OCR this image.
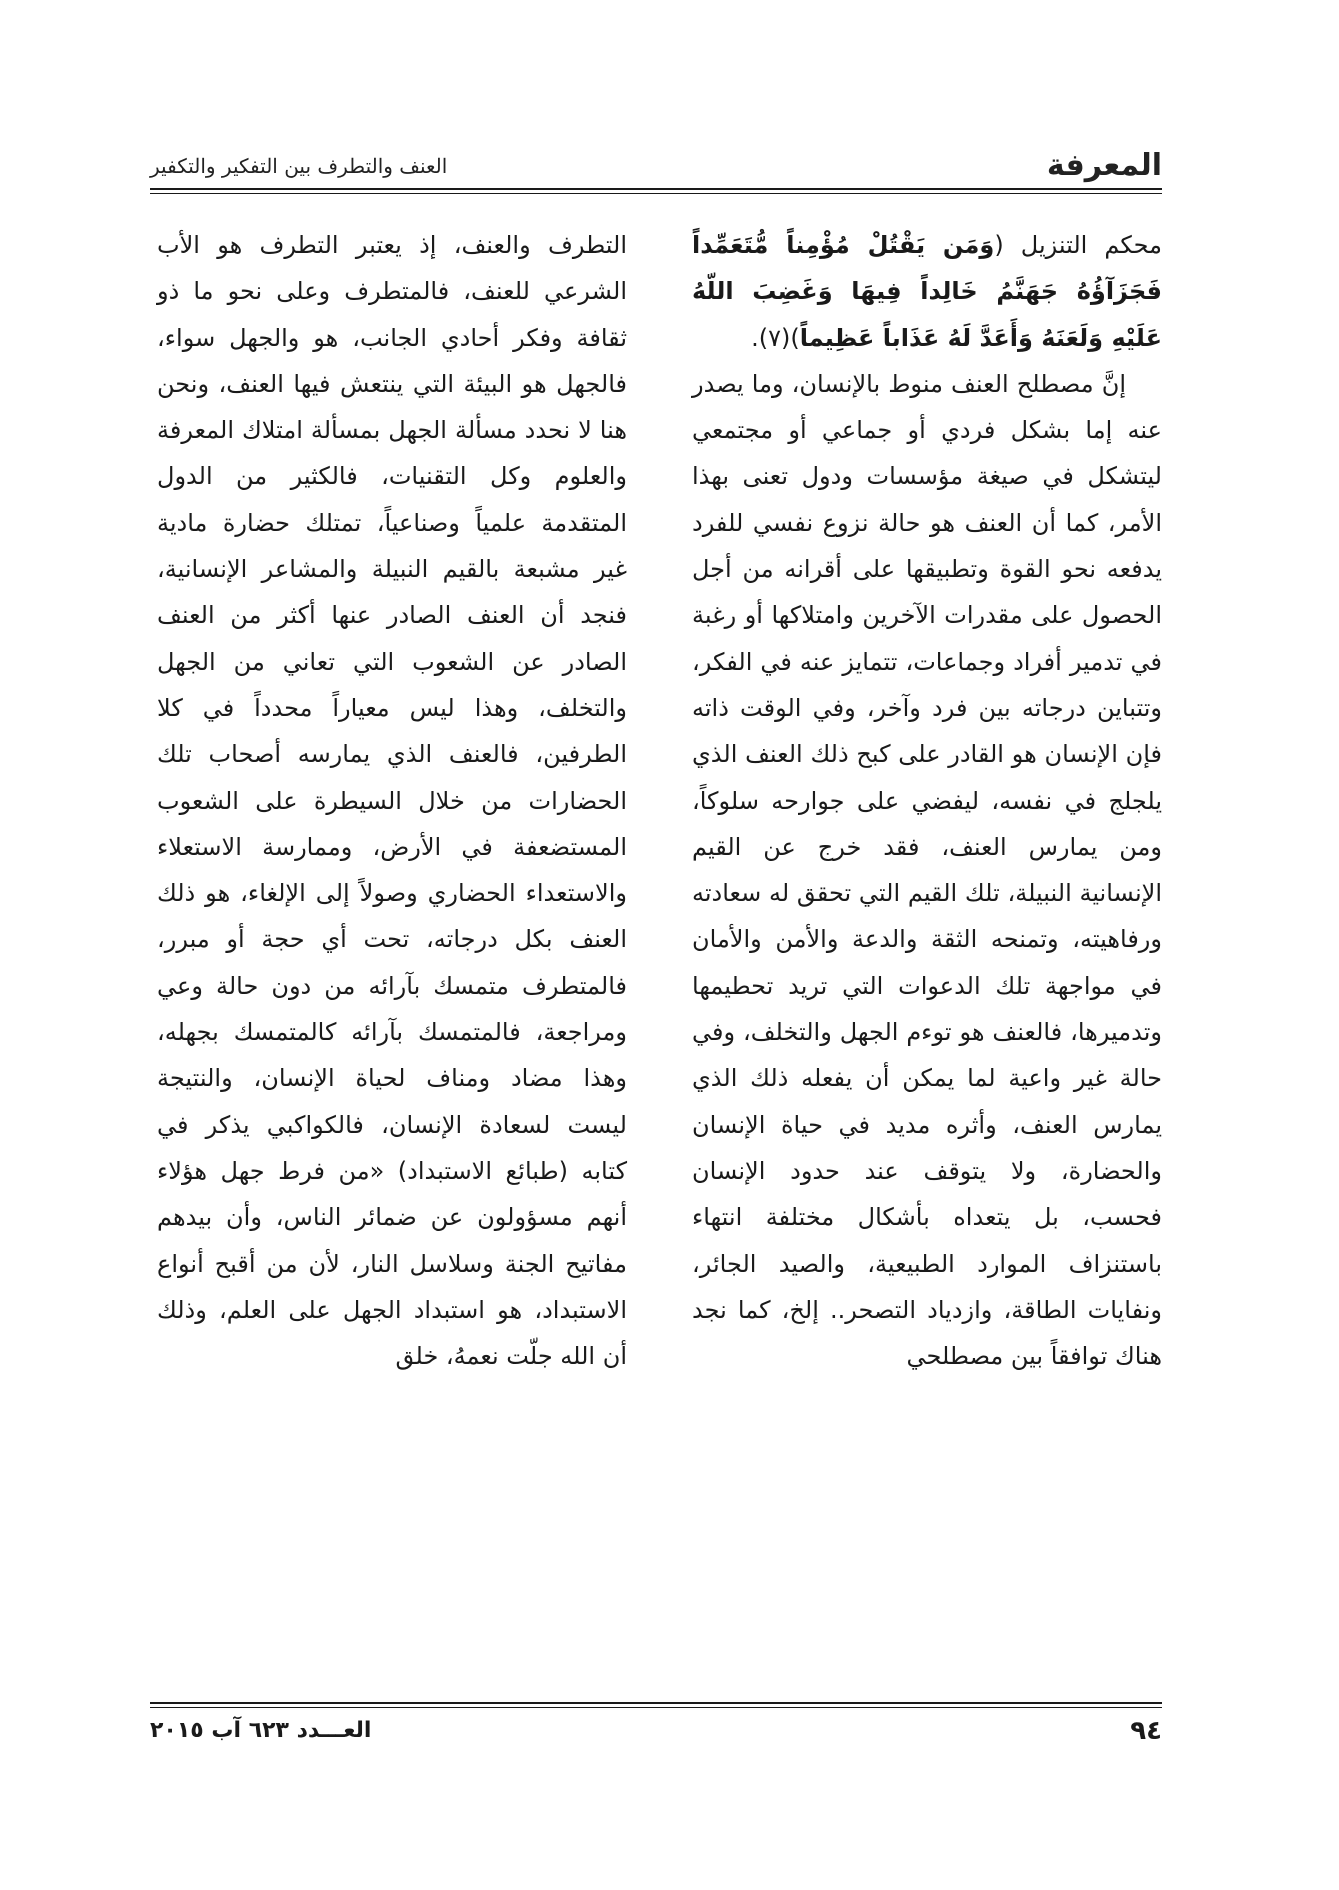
المعرفة
العنف والتطرف بين التفكير والتكفير

محكم التنزيل (وَمَن يَقْتُلْ مُؤْمِناً مُّتَعَمِّداً فَجَزَآؤُهُ جَهَنَّمُ خَالِداً فِيهَا وَغَضِبَ اللّهُ عَلَيْهِ وَلَعَنَهُ وَأَعَدَّ لَهُ عَذَاباً عَظِيماً)(٧).

إنَّ مصطلح العنف منوط بالإنسان، وما يصدر عنه إما بشكل فردي أو جماعي أو مجتمعي ليتشكل في صيغة مؤسسات ودول تعنى بهذا الأمر، كما أن العنف هو حالة نزوع نفسي للفرد يدفعه نحو القوة وتطبيقها على أقرانه من أجل الحصول على مقدرات الآخرين وامتلاكها أو رغبة في تدمير أفراد وجماعات، تتمايز عنه في الفكر، وتتباين درجاته بين فرد وآخر، وفي الوقت ذاته فإن الإنسان هو القادر على كبح ذلك العنف الذي يلجلج في نفسه، ليفضي على جوارحه سلوكاً، ومن يمارس العنف، فقد خرج عن القيم الإنسانية النبيلة، تلك القيم التي تحقق له سعادته ورفاهيته، وتمنحه الثقة والدعة والأمن والأمان في مواجهة تلك الدعوات التي تريد تحطيمها وتدميرها، فالعنف هو توءم الجهل والتخلف، وفي حالة غير واعية لما يمكن أن يفعله ذلك الذي يمارس العنف، وأثره مديد في حياة الإنسان والحضارة، ولا يتوقف عند حدود الإنسان فحسب، بل يتعداه بأشكال مختلفة انتهاء باستنزاف الموارد الطبيعية، والصيد الجائر، ونفايات الطاقة، وازدياد التصحر.. إلخ، كما نجد هناك توافقاً بين مصطلحي

التطرف والعنف، إذ يعتبر التطرف هو الأب الشرعي للعنف، فالمتطرف وعلى نحو ما ذو ثقافة وفكر أحادي الجانب، هو والجهل سواء، فالجهل هو البيئة التي ينتعش فيها العنف، ونحن هنا لا نحدد مسألة الجهل بمسألة امتلاك المعرفة والعلوم وكل التقنيات، فالكثير من الدول المتقدمة علمياً وصناعياً، تمتلك حضارة مادية غير مشبعة بالقيم النبيلة والمشاعر الإنسانية، فنجد أن العنف الصادر عنها أكثر من العنف الصادر عن الشعوب التي تعاني من الجهل والتخلف، وهذا ليس معياراً محدداً في كلا الطرفين، فالعنف الذي يمارسه أصحاب تلك الحضارات من خلال السيطرة على الشعوب المستضعفة في الأرض، وممارسة الاستعلاء والاستعداء الحضاري وصولاً إلى الإلغاء، هو ذلك العنف بكل درجاته، تحت أي حجة أو مبرر، فالمتطرف متمسك بآرائه من دون حالة وعي ومراجعة، فالمتمسك بآرائه كالمتمسك بجهله، وهذا مضاد ومناف لحياة الإنسان، والنتيجة ليست لسعادة الإنسان، فالكواكبي يذكر في كتابه (طبائع الاستبداد) «من فرط جهل هؤلاء أنهم مسؤولون عن ضمائر الناس، وأن بيدهم مفاتيح الجنة وسلاسل النار، لأن من أقبح أنواع الاستبداد، هو استبداد الجهل على العلم، وذلك أن الله جلّت نعمهُ، خلق

٩٤
العـــدد ٦٢٣ آب ٢٠١٥
